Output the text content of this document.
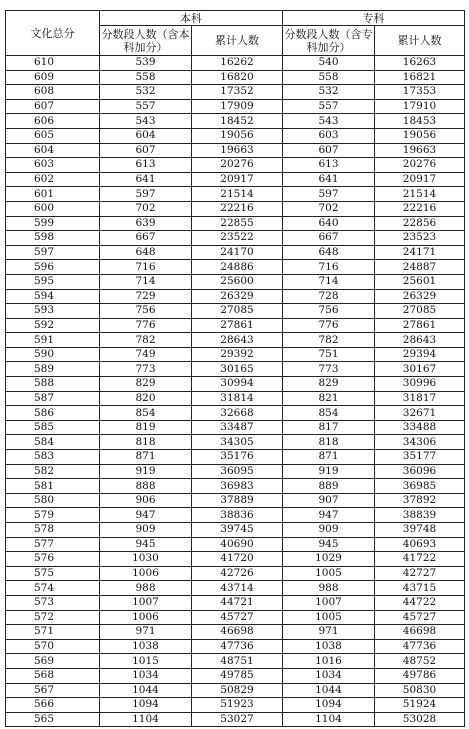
文化总分	本科		专科	
	分数段人数（含本科加分）	累计人数	分数段人数（含专科加分）	累计人数
610	539	16262	540	16263
609	558	16820	558	16821
608	532	17352	532	17353
607	557	17909	557	17910
606	543	18452	543	18453
605	604	19056	603	19056
604	607	19663	607	19663
603	613	20276	613	20276
602	641	20917	641	20917
601	597	21514	597	21514
600	702	22216	702	22216
599	639	22855	640	22856
598	667	23522	667	23523
597	648	24170	648	24171
596	716	24886	716	24887
595	714	25600	714	25601
594	729	26329	728	26329
593	756	27085	756	27085
592	776	27861	776	27861
591	782	28643	782	28643
590	749	29392	751	29394
589	773	30165	773	30167
588	829	30994	829	30996
587	820	31814	821	31817
586	854	32668	854	32671
585	819	33487	817	33488
584	818	34305	818	34306
583	871	35176	871	35177
582	919	36095	919	36096
581	888	36983	889	36985
580	906	37889	907	37892
579	947	38836	947	38839
578	909	39745	909	39748
577	945	40690	945	40693
576	1030	41720	1029	41722
575	1006	42726	1005	42727
574	988	43714	988	43715
573	1007	44721	1007	44722
572	1006	45727	1005	45727
571	971	46698	971	46698
570	1038	47736	1038	47736
569	1015	48751	1016	48752
568	1034	49785	1034	49786
567	1044	50829	1044	50830
566	1094	51923	1094	51924
565	1104	53027	1104	53028
